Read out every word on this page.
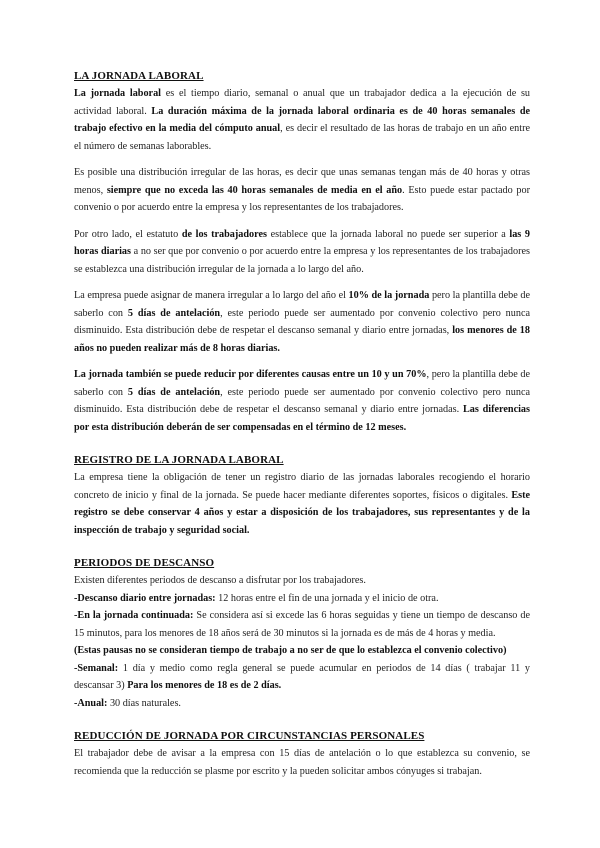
LA JORNADA LABORAL

La jornada laboral es el tiempo diario, semanal o anual que un trabajador dedica a la ejecución de su actividad laboral. La duración máxima de la jornada laboral ordinaria es de 40 horas semanales de trabajo efectivo en la media del cómputo anual, es decir el resultado de las horas de trabajo en un año entre el número de semanas laborables.

Es posible una distribución irregular de las horas, es decir que unas semanas tengan más de 40 horas y otras menos, siempre que no exceda las 40 horas semanales de media en el año. Esto puede estar pactado por convenio o por acuerdo entre la empresa y los representantes de los trabajadores.

Por otro lado, el estatuto de los trabajadores establece que la jornada laboral no puede ser superior a las 9 horas diarias a no ser que por convenio o por acuerdo entre la empresa y los representantes de los trabajadores se establezca una distribución irregular de la jornada a lo largo del año.

La empresa puede asignar de manera irregular a lo largo del año el 10% de la jornada pero la plantilla debe de saberlo con 5 días de antelación, este periodo puede ser aumentado por convenio colectivo pero nunca disminuido. Esta distribución debe de respetar el descanso semanal y diario entre jornadas, los menores de 18 años no pueden realizar más de 8 horas diarias.

La jornada también se puede reducir por diferentes causas entre un 10 y un 70%, pero la plantilla debe de saberlo con 5 días de antelación, este periodo puede ser aumentado por convenio colectivo pero nunca disminuido. Esta distribución debe de respetar el descanso semanal y diario entre jornadas. Las diferencias por esta distribución deberán de ser compensadas en el término de 12 meses.

REGISTRO DE LA JORNADA LABORAL

La empresa tiene la obligación de tener un registro diario de las jornadas laborales recogiendo el horario concreto de inicio y final de la jornada. Se puede hacer mediante diferentes soportes, físicos o digitales. Este registro se debe conservar 4 años y estar a disposición de los trabajadores, sus representantes y de la inspección de trabajo y seguridad social.

PERIODOS DE DESCANSO

Existen diferentes periodos de descanso a disfrutar por los trabajadores.

-Descanso diario entre jornadas: 12 horas entre el fin de una jornada y el inicio de otra.

-En la jornada continuada: Se considera así si excede las 6 horas seguidas y tiene un tiempo de descanso de 15 minutos, para los menores de 18 años será de 30 minutos si la jornada es de más de 4 horas y media.

(Estas pausas no se consideran tiempo de trabajo a no ser de que lo establezca el convenio colectivo)

-Semanal: 1 día y medio como regla general se puede acumular en periodos de 14 días ( trabajar 11 y descansar 3) Para los menores de 18 es de 2 días.

-Anual: 30 días naturales.

REDUCCIÓN DE JORNADA POR CIRCUNSTANCIAS PERSONALES

El trabajador debe de avisar a la empresa con 15 días de antelación o lo que establezca su convenio, se recomienda que la reducción se plasme por escrito y la pueden solicitar ambos cónyuges si trabajan.
